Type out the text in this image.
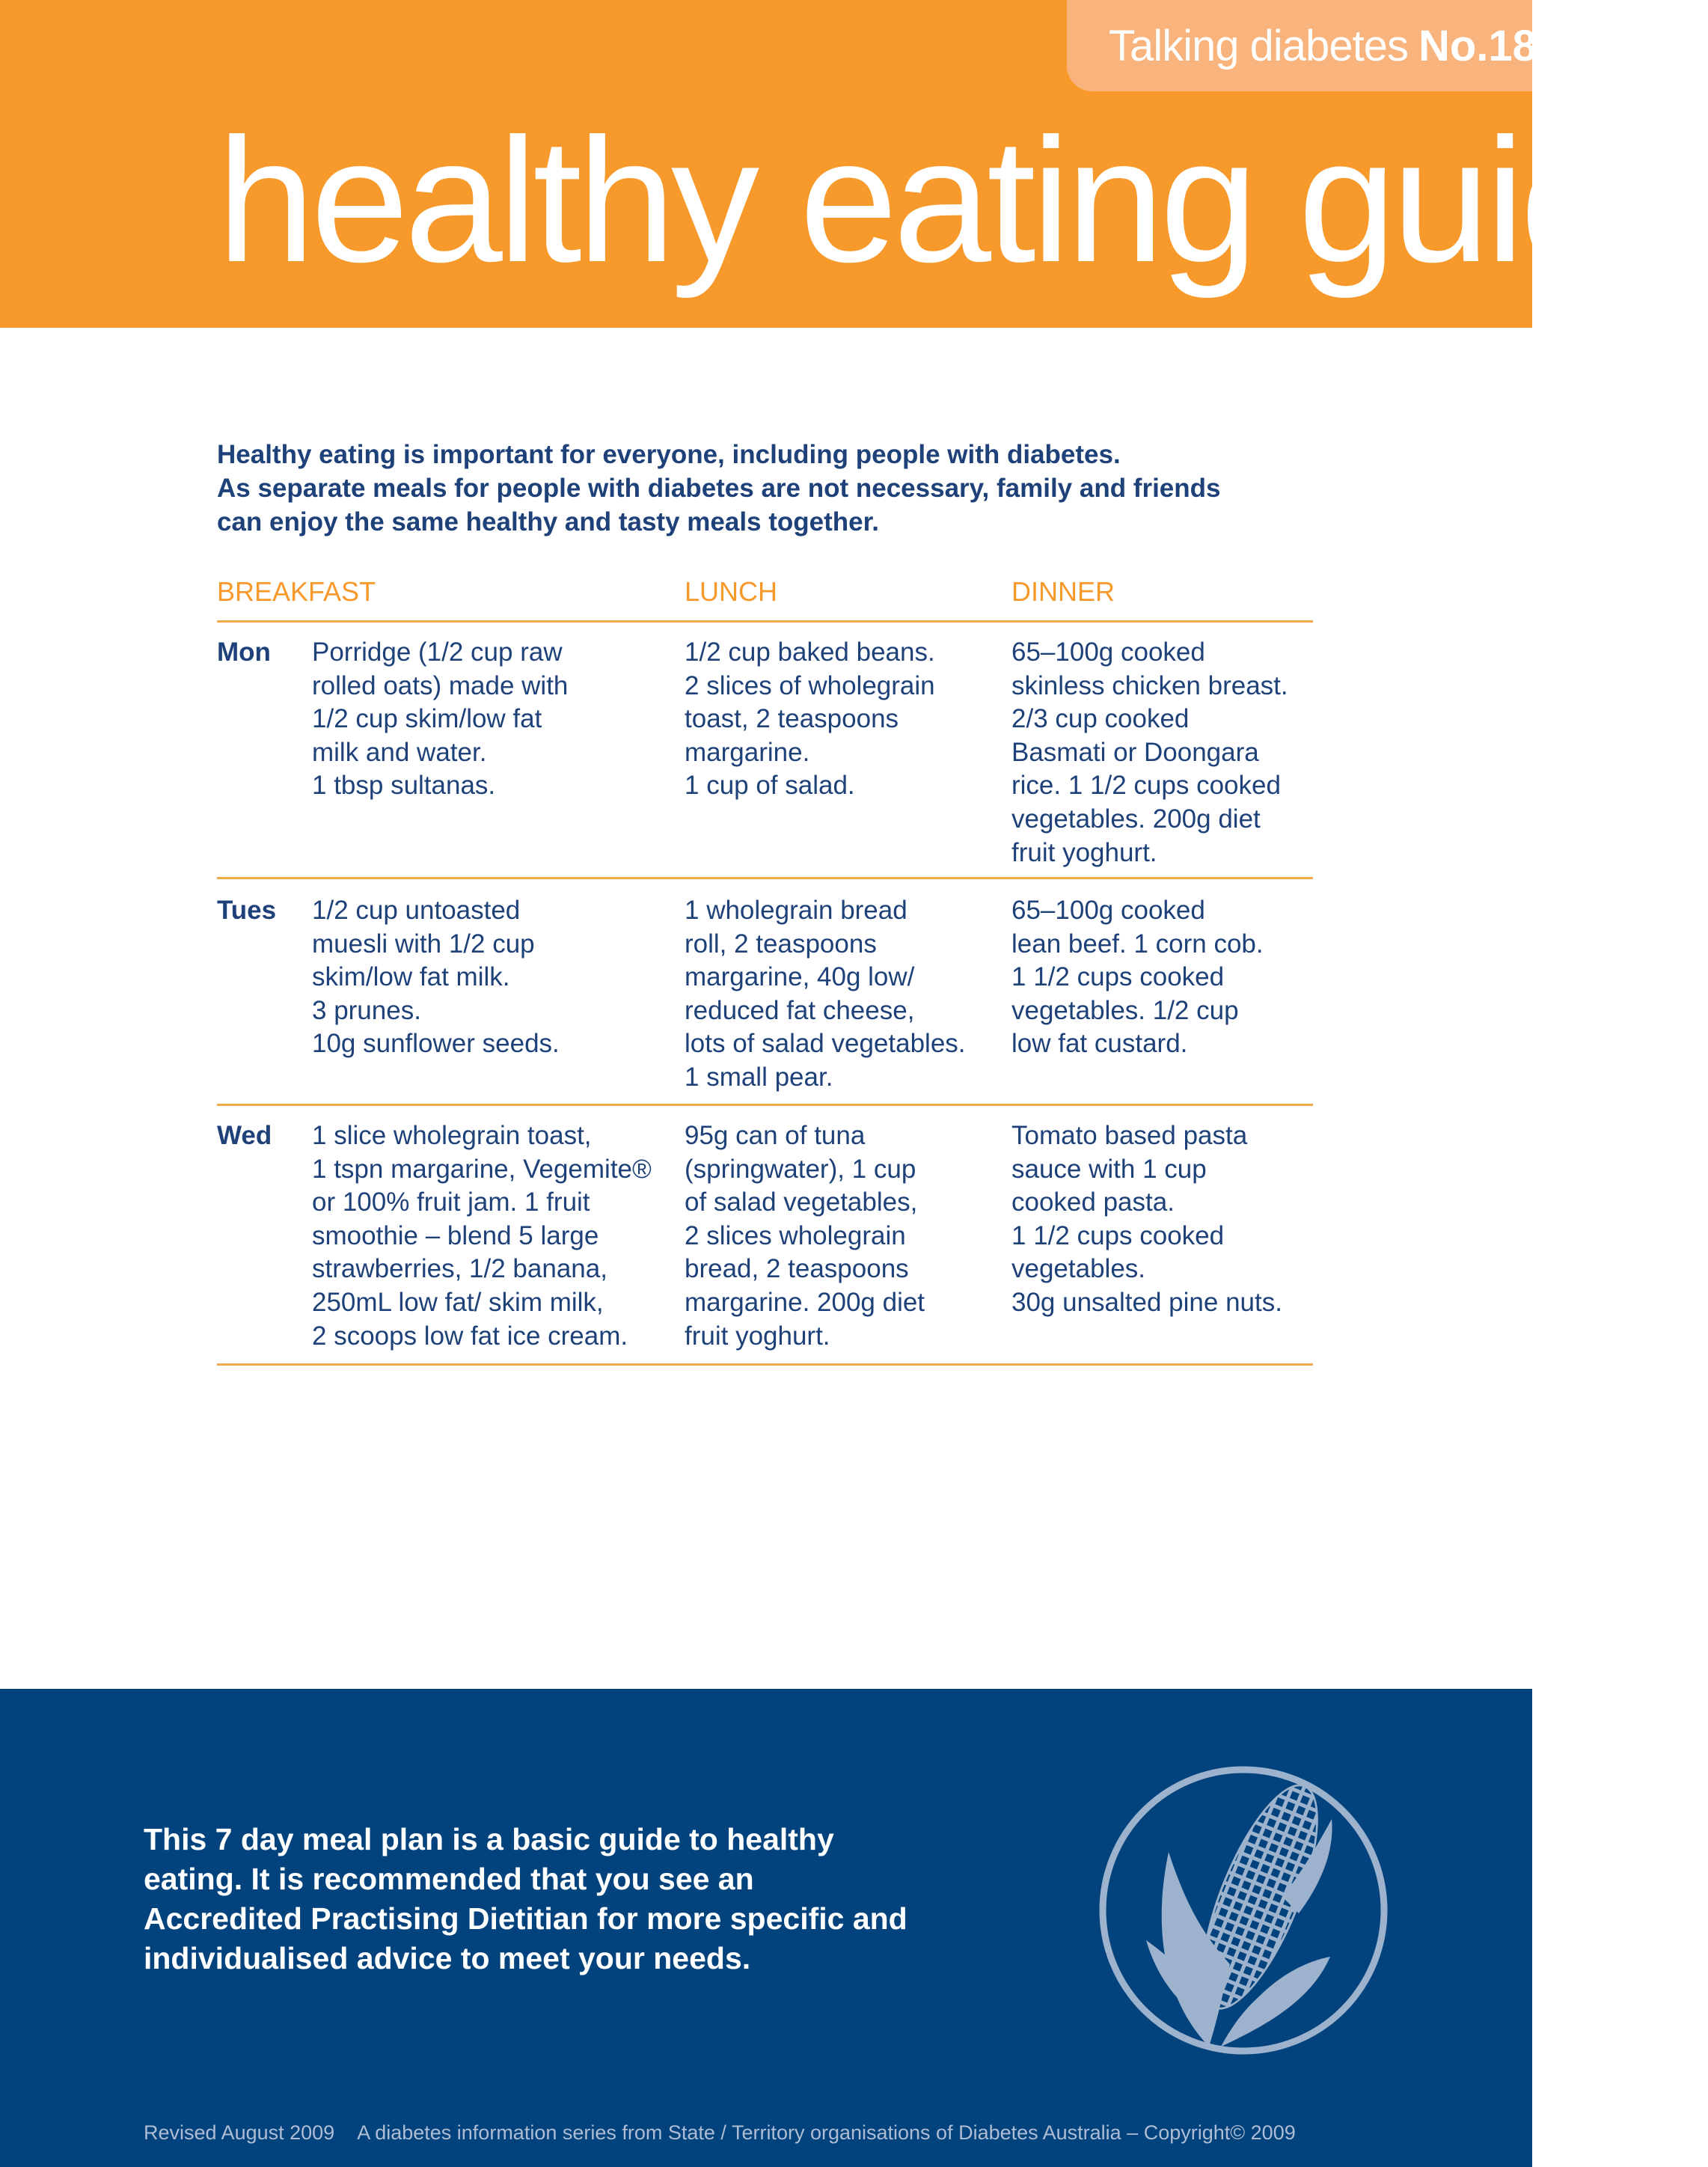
Talking diabetes No.18
healthy eating guide
Healthy eating is important for everyone, including people with diabetes.
As separate meals for people with diabetes are not necessary, family and friends
can enjoy the same healthy and tasty meals together.
BREAKFAST	LUNCH	DINNER
Mon Porridge (1/2 cup raw
rolled oats) made with
1/2 cup skim/low fat
milk and water.
1 tbsp sultanas.
1/2 cup baked beans.
2 slices of wholegrain
toast, 2 teaspoons
margarine.
1 cup of salad.
65–100g cooked
skinless chicken breast.
2/3 cup cooked
Basmati or Doongara
rice. 1 1/2 cups cooked
vegetables. 200g diet
fruit yoghurt.
Tues 1/2 cup untoasted
muesli with 1/2 cup
skim/low fat milk.
3 prunes.
10g sunflower seeds.
1 wholegrain bread
roll, 2 teaspoons
margarine, 40g low/
reduced fat cheese,
lots of salad vegetables.
1 small pear.
65–100g cooked
lean beef. 1 corn cob.
1 1/2 cups cooked
vegetables. 1/2 cup
low fat custard.
Wed 1 slice wholegrain toast,
1 tspn margarine, Vegemite®
or 100% fruit jam. 1 fruit
smoothie – blend 5 large
strawberries, 1/2 banana,
250mL low fat/ skim milk,
2 scoops low fat ice cream.
95g can of tuna
(springwater), 1 cup
of salad vegetables,
2 slices wholegrain
bread, 2 teaspoons
margarine. 200g diet
fruit yoghurt.
Tomato based pasta
sauce with 1 cup
cooked pasta.
1 1/2 cups cooked
vegetables.
30g unsalted pine nuts.
This 7 day meal plan is a basic guide to healthy
eating. It is recommended that you see an
Accredited Practising Dietitian for more specific and
individualised advice to meet your needs.
Revised August 2009 A diabetes information series from State / Territory organisations of Diabetes Australia – Copyright© 2009
